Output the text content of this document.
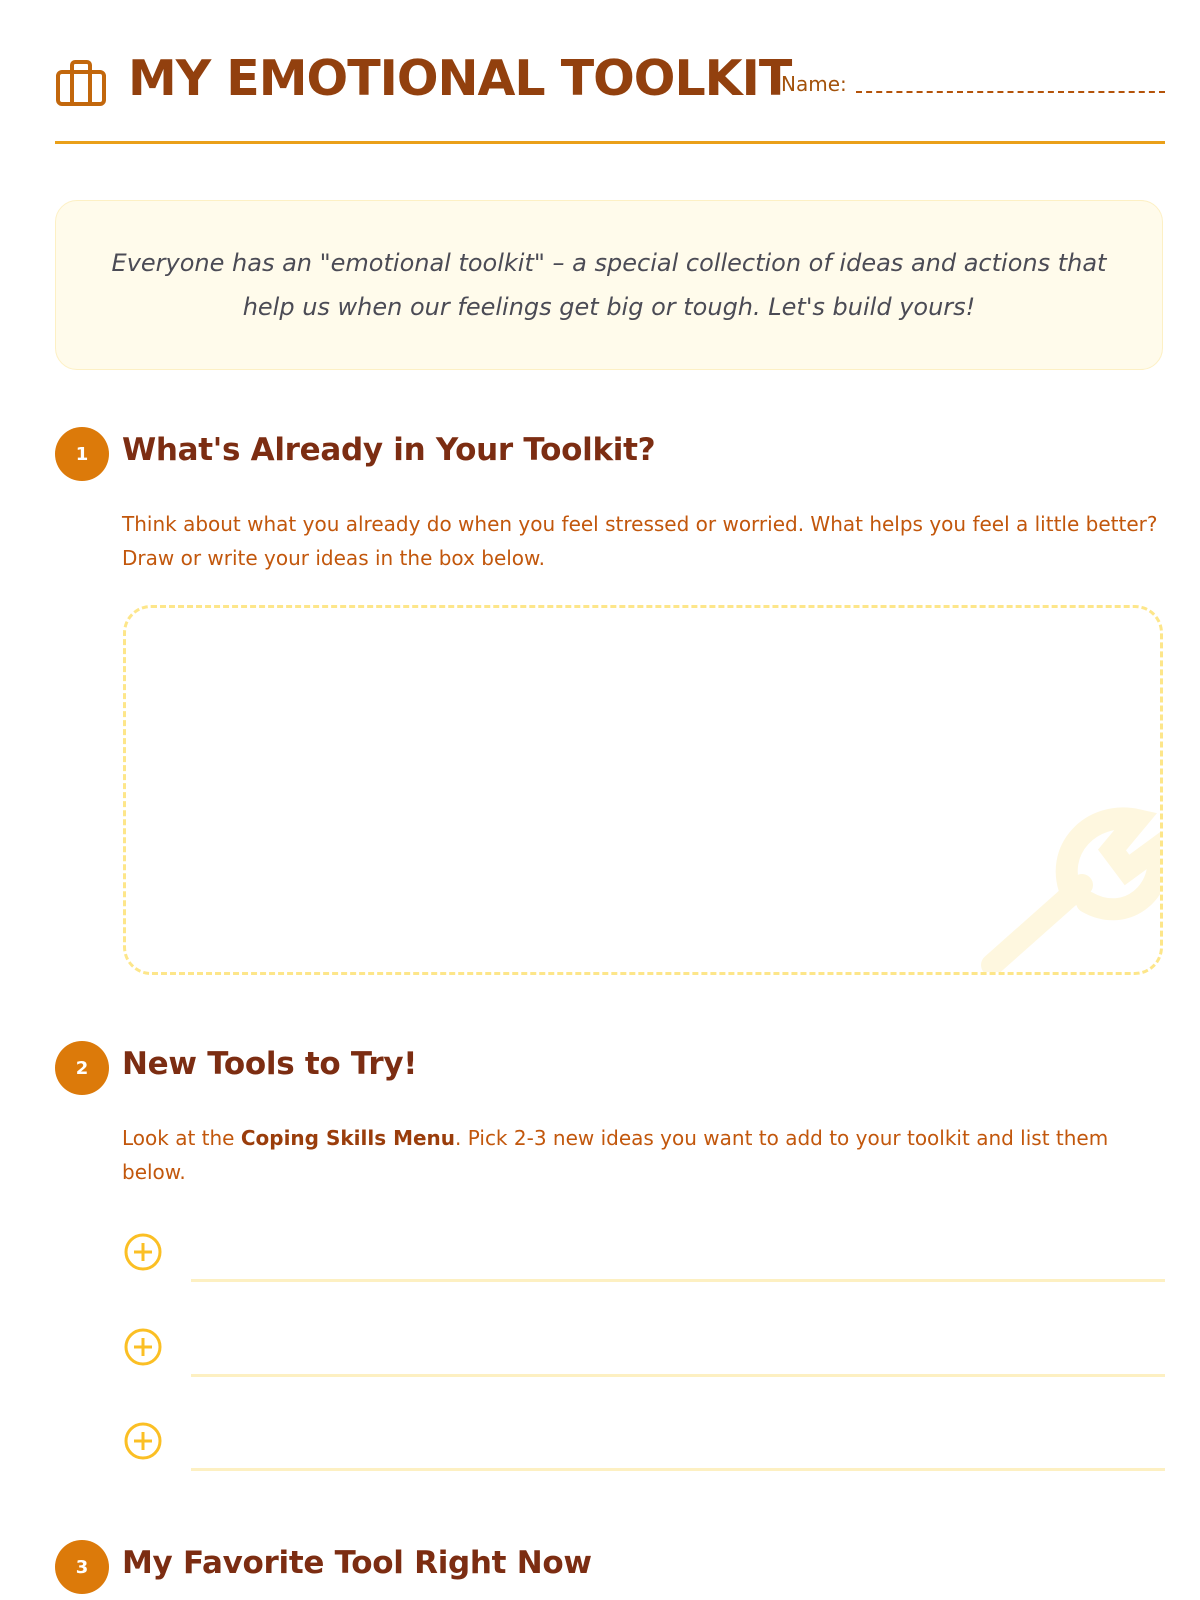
MY EMOTIONAL TOOLKIT
Name:
Everyone has an "emotional toolkit" – a special collection of ideas and actions that help us when our feelings get big or tough. Let's build yours!
1	What's Already in Your Toolkit?
Think about what you already do when you feel stressed or worried. What helps you feel a little better? Draw or write your ideas in the box below.
2	New Tools to Try!
Look at the Coping Skills Menu. Pick 2-3 new ideas you want to add to your toolkit and list them below.
3	My Favorite Tool Right Now
